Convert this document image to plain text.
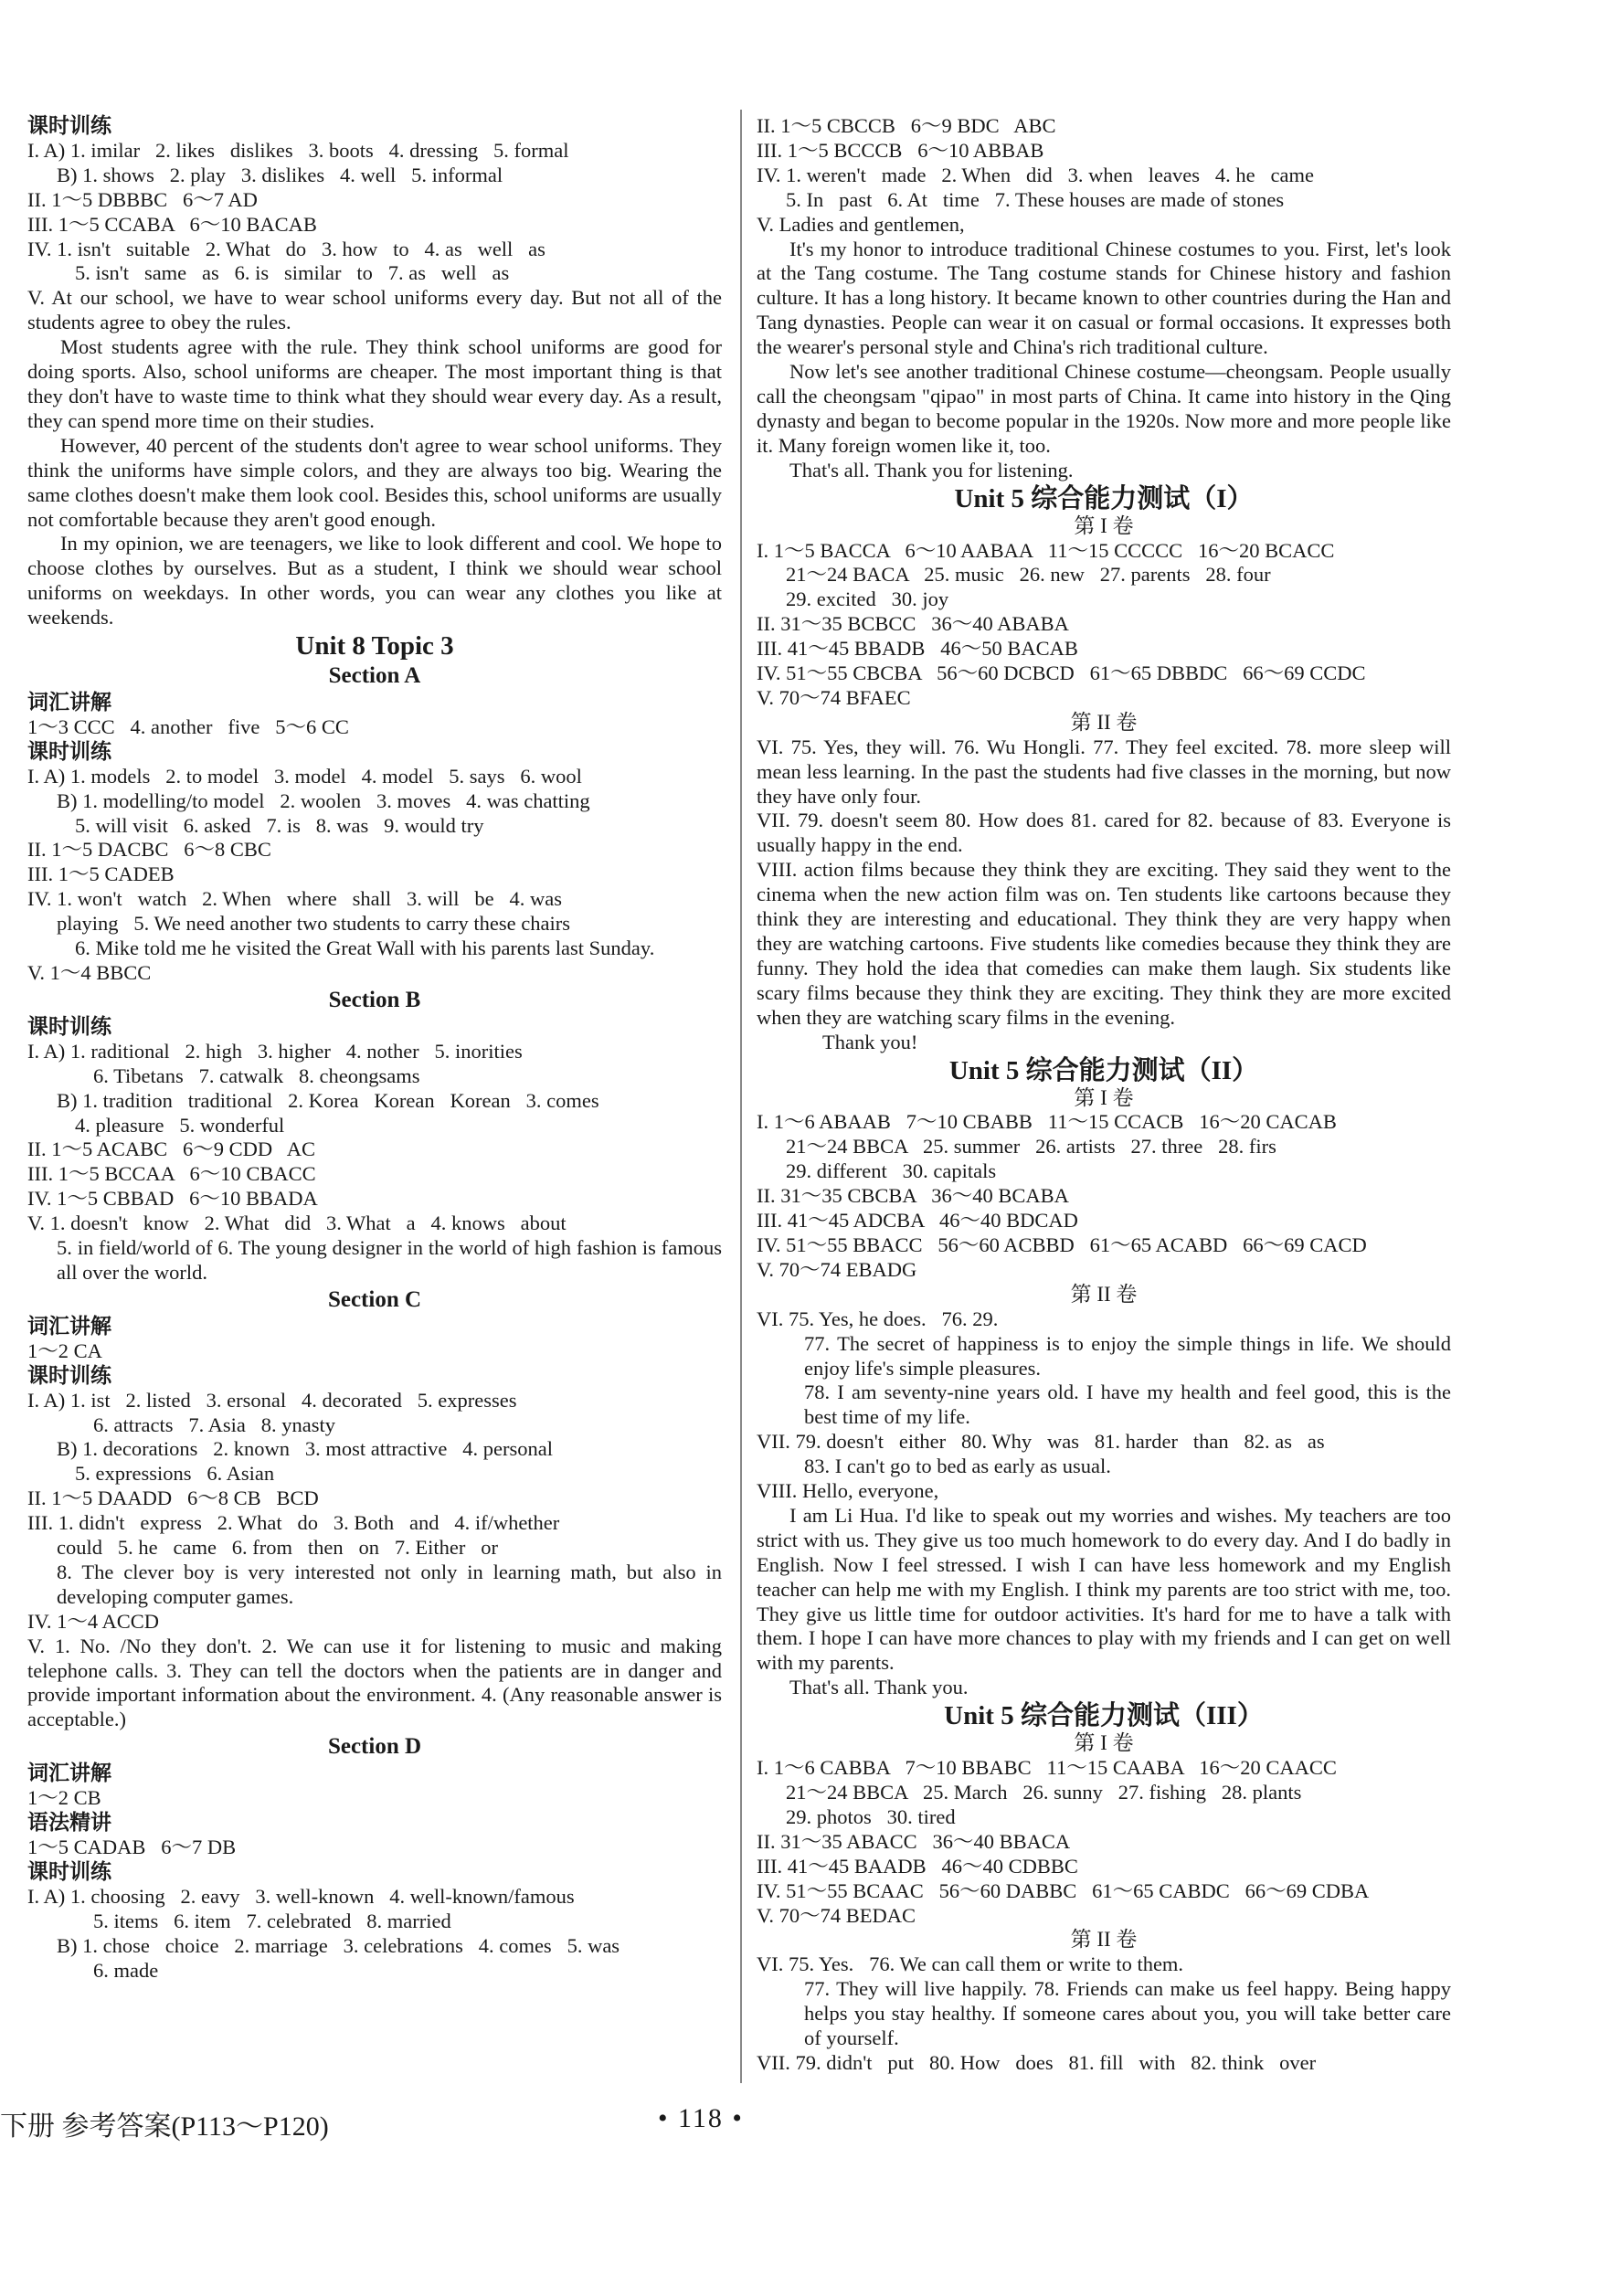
课时训练
I. A) 1. imilar   2. likes   dislikes   3. boots   4. dressing   5. formal
B) 1. shows   2. play   3. dislikes   4. well   5. informal
II. 1～5 DBBBC   6～7 AD
III. 1～5 CCABA   6～10 BACAB
IV. 1. isn't   suitable   2. What   do   3. how   to   4. as   well   as
5. isn't   same   as   6. is   similar   to   7. as   well   as
V. At our school, we have to wear school uniforms every day. But not all of the students agree to obey the rules.
Most students agree with the rule. They think school uniforms are good for doing sports. Also, school uniforms are cheaper. The most important thing is that they don't have to waste time to think what they should wear every day. As a result, they can spend more time on their studies.
However, 40 percent of the students don't agree to wear school uniforms. They think the uniforms have simple colors, and they are always too big. Wearing the same clothes doesn't make them look cool. Besides this, school uniforms are usually not comfortable because they aren't good enough.
In my opinion, we are teenagers, we like to look different and cool. We hope to choose clothes by ourselves. But as a student, I think we should wear school uniforms on weekdays. In other words, you can wear any clothes you like at weekends.
Unit 8 Topic 3
Section A
词汇讲解
1～3 CCC   4. another   five   5～6 CC
课时训练
I. A) 1. models   2. to model   3. model   4. model   5. says   6. wool
B) 1. modelling/to model   2. woolen   3. moves   4. was chatting
5. will visit   6. asked   7. is   8. was   9. would try
II. 1～5 DACBC   6～8 CBC
III. 1～5 CADEB
IV. 1. won't   watch   2. When   where   shall   3. will   be   4. was
playing   5. We need another two students to carry these chairs
6. Mike told me he visited the Great Wall with his parents last Sunday.
V. 1～4 BBCC
Section B
课时训练
I. A) 1. raditional   2. high   3. higher   4. nother   5. inorities
6. Tibetans   7. catwalk   8. cheongsams
B) 1. tradition   traditional   2. Korea   Korean   Korean   3. comes
4. pleasure   5. wonderful
II. 1～5 ACABC   6～9 CDD   AC
III. 1～5 BCCAA   6～10 CBACC
IV. 1～5 CBBAD   6～10 BBADA
V. 1. doesn't   know   2. What   did   3. What   a   4. knows   about
5. in field/world of 6. The young designer in the world of high fashion is famous all over the world.
Section C
词汇讲解
1～2 CA
课时训练
I. A) 1. ist   2. listed   3. ersonal   4. decorated   5. expresses
6. attracts   7. Asia   8. ynasty
B) 1. decorations   2. known   3. most attractive   4. personal
5. expressions   6. Asian
II. 1～5 DAADD   6～8 CB   BCD
III. 1. didn't   express   2. What   do   3. Both   and   4. if/whether
could   5. he   came   6. from   then   on   7. Either   or
8. The clever boy is very interested not only in learning math, but also in developing computer games.
IV. 1～4 ACCD
V. 1. No. /No they don't. 2. We can use it for listening to music and making telephone calls. 3. They can tell the doctors when the patients are in danger and provide important information about the environment. 4. (Any reasonable answer is acceptable.)
Section D
词汇讲解
1～2 CB
语法精讲
1～5 CADAB   6～7 DB
课时训练
I. A) 1. choosing   2. eavy   3. well-known   4. well-known/famous
5. items   6. item   7. celebrated   8. married
B) 1. chose   choice   2. marriage   3. celebrations   4. comes   5. was
6. made
II. 1～5 CBCCB   6～9 BDC   ABC
III. 1～5 BCCCB   6～10 ABBAB
IV. 1. weren't   made   2. When   did   3. when   leaves   4. he   came
5. In   past   6. At   time   7. These houses are made of stones
V. Ladies and gentlemen,
It's my honor to introduce traditional Chinese costumes to you. First, let's look at the Tang costume. The Tang costume stands for Chinese history and fashion culture. It has a long history. It became known to other countries during the Han and Tang dynasties. People can wear it on casual or formal occasions. It expresses both the wearer's personal style and China's rich traditional culture.
Now let's see another traditional Chinese costume—cheongsam. People usually call the cheongsam "qipao" in most parts of China. It came into history in the Qing dynasty and began to become popular in the 1920s. Now more and more people like it. Many foreign women like it, too.
That's all. Thank you for listening.
Unit 5 综合能力测试（I）
第 I 卷
I. 1～5 BACCA   6～10 AABAA   11～15 CCCCC   16～20 BCACC
21～24 BACA   25. music   26. new   27. parents   28. four
29. excited   30. joy
II. 31～35 BCBCC   36～40 ABABA
III. 41～45 BBADB   46～50 BACAB
IV. 51～55 CBCBA   56～60 DCBCD   61～65 DBBDC   66～69 CCDC
V. 70～74 BFAEC
第 II 卷
VI. 75. Yes, they will. 76. Wu Hongli. 77. They feel excited. 78. more sleep will mean less learning. In the past the students had five classes in the morning, but now they have only four.
VII. 79. doesn't seem 80. How does 81. cared for 82. because of 83. Everyone is usually happy in the end.
VIII. action films because they think they are exciting. They said they went to the cinema when the new action film was on. Ten students like cartoons because they think they are interesting and educational. They think they are very happy when they are watching cartoons. Five students like comedies because they think they are funny. They hold the idea that comedies can make them laugh. Six students like scary films because they think they are exciting. They think they are more excited when they are watching scary films in the evening.
Thank you!
Unit 5 综合能力测试（II）
第 I 卷
I. 1～6 ABAAB   7～10 CBABB   11～15 CCACB   16～20 CACAB
21～24 BBCA   25. summer   26. artists   27. three   28. firs
29. different   30. capitals
II. 31～35 CBCBA   36～40 BCABA
III. 41～45 ADCBA   46～40 BDCAD
IV. 51～55 BBACC   56～60 ACBBD   61～65 ACABD   66～69 CACD
V. 70～74 EBADG
第 II 卷
VI. 75. Yes, he does.   76. 29.
77. The secret of happiness is to enjoy the simple things in life. We should enjoy life's simple pleasures.
78. I am seventy-nine years old. I have my health and feel good, this is the best time of my life.
VII. 79. doesn't   either   80. Why   was   81. harder   than   82. as   as
83. I can't go to bed as early as usual.
VIII. Hello, everyone,
I am Li Hua. I'd like to speak out my worries and wishes. My teachers are too strict with us. They give us too much homework to do every day. And I do badly in English. Now I feel stressed. I wish I can have less homework and my English teacher can help me with my English. I think my parents are too strict with me, too. They give us little time for outdoor activities. It's hard for me to have a talk with them. I hope I can have more chances to play with my friends and I can get on well with my parents.
That's all. Thank you.
Unit 5 综合能力测试（III）
第 I 卷
I. 1～6 CABBA   7～10 BBABC   11～15 CAABA   16～20 CAACC
21～24 BBCA   25. March   26. sunny   27. fishing   28. plants
29. photos   30. tired
II. 31～35 ABACC   36～40 BBACA
III. 41～45 BAADB   46～40 CDBBC
IV. 51～55 BCAAC   56～60 DABBC   61～65 CABDC   66～69 CDBA
V. 70～74 BEDAC
第 II 卷
VI. 75. Yes.   76. We can call them or write to them.
77. They will live happily. 78. Friends can make us feel happy. Being happy helps you stay healthy. If someone cares about you, you will take better care of yourself.
VII. 79. didn't   put   80. How   does   81. fill   with   82. think   over
下册 参考答案(P113～P120)	• 118 •
